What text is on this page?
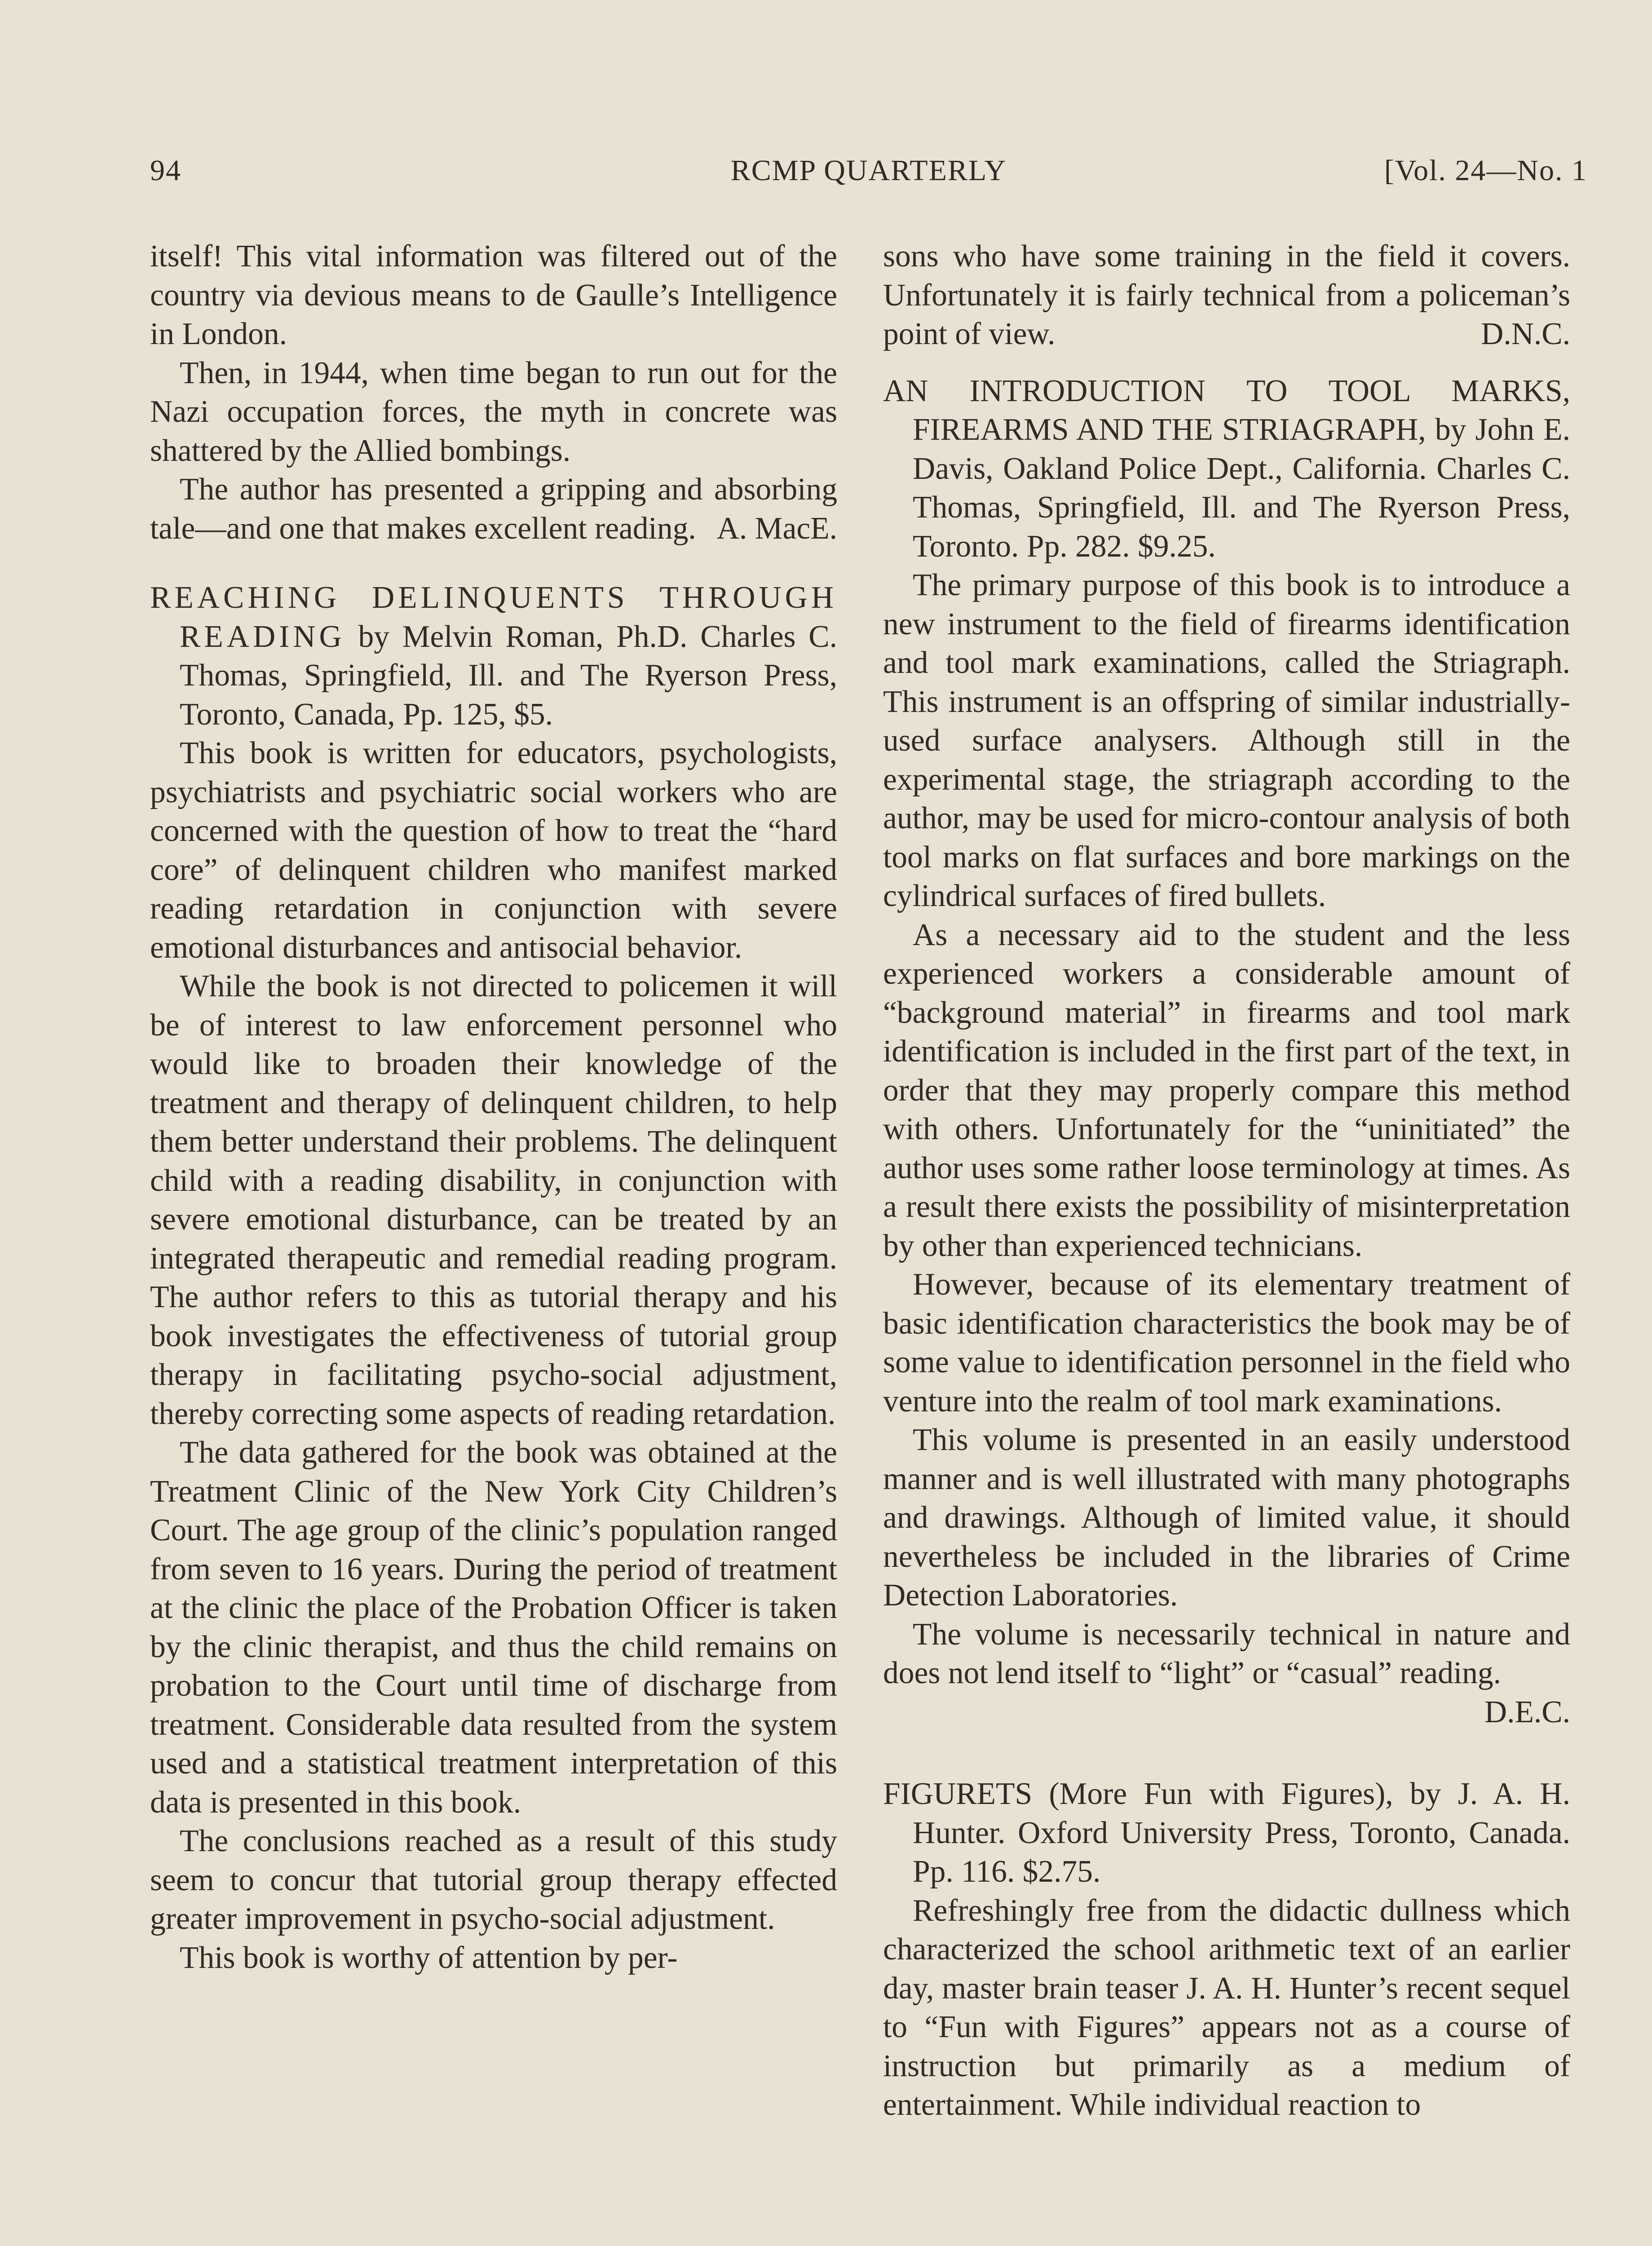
94	RCMP QUARTERLY	[Vol. 24—No. 1

itself! This vital information was filtered out of the country via devious means to de Gaulle’s Intelligence in London.

Then, in 1944, when time began to run out for the Nazi occupation forces, the myth in concrete was shattered by the Allied bombings.

The author has presented a gripping and absorbing tale—and one that makes excellent reading. A. MacE.

REACHING DELINQUENTS THROUGH READING by Melvin Roman, Ph.D. Charles C. Thomas, Springfield, Ill. and The Ryerson Press, Toronto, Canada, Pp. 125, $5.

This book is written for educators, psychologists, psychiatrists and psychiatric social workers who are concerned with the question of how to treat the “hard core” of delinquent children who manifest marked reading retardation in conjunction with severe emotional disturbances and antisocial behavior.

While the book is not directed to policemen it will be of interest to law enforcement personnel who would like to broaden their knowledge of the treatment and therapy of delinquent children, to help them better understand their problems. The delinquent child with a reading disability, in conjunction with severe emotional disturbance, can be treated by an integrated therapeutic and remedial reading program. The author refers to this as tutorial therapy and his book investigates the effectiveness of tutorial group therapy in facilitating psycho-social adjustment, thereby correcting some aspects of reading retardation.

The data gathered for the book was obtained at the Treatment Clinic of the New York City Children’s Court. The age group of the clinic’s population ranged from seven to 16 years. During the period of treatment at the clinic the place of the Probation Officer is taken by the clinic therapist, and thus the child remains on probation to the Court until time of discharge from treatment. Considerable data resulted from the system used and a statistical treatment interpretation of this data is presented in this book.

The conclusions reached as a result of this study seem to concur that tutorial group therapy effected greater improvement in psycho-social adjustment.

This book is worthy of attention by per-

sons who have some training in the field it covers. Unfortunately it is fairly technical from a policeman’s point of view.	D.N.C.

AN INTRODUCTION TO TOOL MARKS, FIREARMS AND THE STRIAGRAPH, by John E. Davis, Oakland Police Dept., California. Charles C. Thomas, Springfield, Ill. and The Ryerson Press, Toronto. Pp. 282. $9.25.

The primary purpose of this book is to introduce a new instrument to the field of firearms identification and tool mark examinations, called the Striagraph. This instrument is an offspring of similar industrially-used surface analysers. Although still in the experimental stage, the striagraph according to the author, may be used for micro-contour analysis of both tool marks on flat surfaces and bore markings on the cylindrical surfaces of fired bullets.

As a necessary aid to the student and the less experienced workers a considerable amount of “background material” in firearms and tool mark identification is included in the first part of the text, in order that they may properly compare this method with others. Unfortunately for the “uninitiated” the author uses some rather loose terminology at times. As a result there exists the possibility of misinterpretation by other than experienced technicians.

However, because of its elementary treatment of basic identification characteristics the book may be of some value to identification personnel in the field who venture into the realm of tool mark examinations.

This volume is presented in an easily understood manner and is well illustrated with many photographs and drawings. Although of limited value, it should nevertheless be included in the libraries of Crime Detection Laboratories.

The volume is necessarily technical in nature and does not lend itself to “light” or “casual” reading.
D.E.C.

FIGURETS (More Fun with Figures), by J. A. H. Hunter. Oxford University Press, Toronto, Canada. Pp. 116. $2.75.

Refreshingly free from the didactic dullness which characterized the school arithmetic text of an earlier day, master brain teaser J. A. H. Hunter’s recent sequel to “Fun with Figures” appears not as a course of instruction but primarily as a medium of entertainment. While individual reaction to
